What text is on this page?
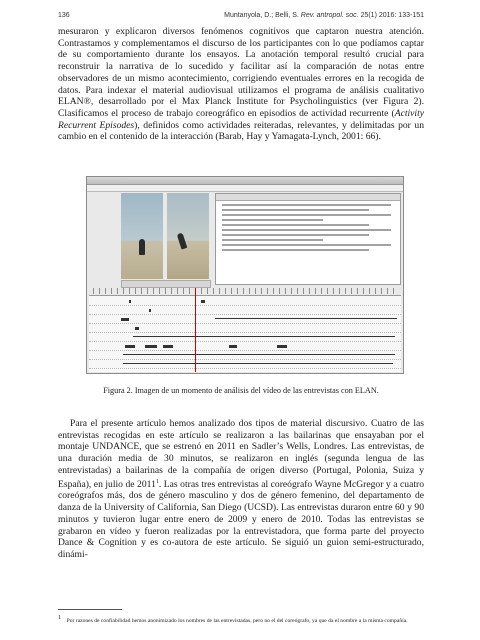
136	Muntanyola, D.; Belli, S. Rev. antropol. soc. 25(1) 2016: 133-151

mesuraron y explicaron diversos fenómenos cognitivos que captaron nuestra atención. Contrastamos y complementamos el discurso de los participantes con lo que podíamos captar de su comportamiento durante los ensayos. La anotación temporal resultó crucial para reconstruir la narrativa de lo sucedido y facilitar así la comparación de notas entre observadores de un mismo acontecimiento, corrigiendo eventuales errores en la recogida de datos. Para indexar el material audiovisual utilizamos el programa de análisis cualitativo ELAN®, desarrollado por el Max Planck Institute for Psycholinguistics (ver Figura 2). Clasificamos el proceso de trabajo coreográfico en episodios de actividad recurrente (Activity Recurrent Episodes), definidos como actividades reiteradas, relevantes, y delimitadas por un cambio en el contenido de la interacción (Barab, Hay y Yamagata-Lynch, 2001: 66).

Figura 2. Imagen de un momento de análisis del vídeo de las entrevistas con ELAN.

Para el presente artículo hemos analizado dos tipos de material discursivo. Cuatro de las entrevistas recogidas en este artículo se realizaron a las bailarinas que ensayaban por el montaje UNDANCE, que se estrenó en 2011 en Sadler’s Wells, Londres. Las entrevistas, de una duración media de 30 minutos, se realizaron en inglés (segunda lengua de las entrevistadas) a bailarinas de la compañía de origen diverso (Portugal, Polonia, Suiza y España), en julio de 2011$^1$. Las otras tres entrevistas al coreógrafo Wayne McGregor y a cuatro coreógrafos más, dos de género masculino y dos de género femenino, del departamento de danza de la University of California, San Diego (UCSD). Las entrevistas duraron entre 60 y 90 minutos y tuvieron lugar entre enero de 2009 y enero de 2010. Todas las entrevistas se grabaron en vídeo y fueron realizadas por la entrevistadora, que forma parte del proyecto Dance & Cognition y es co-autora de este artículo. Se siguió un guion semi-estructurado, dinámi-

$^1$ Por razones de confiabilidad hemos anonimizado los nombres de las entrevistadas, pero no el del coreógrafo, ya que da el nombre a la misma compañía.
